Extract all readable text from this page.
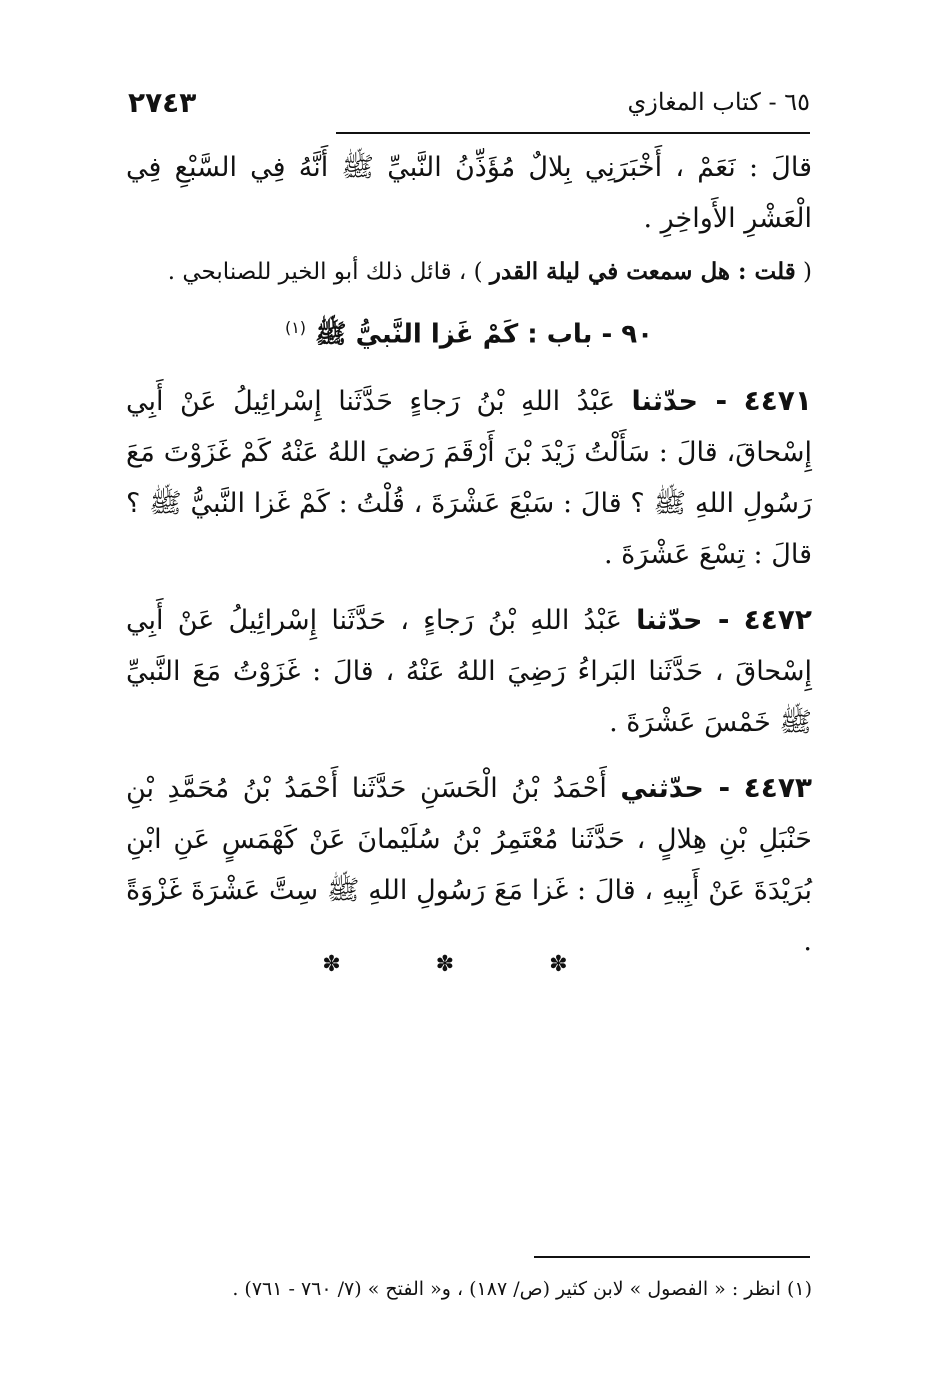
٢٧٤٣	٦٥ - كتاب المغازي

قالَ : نَعَمْ ، أَخْبَرَنِي بِلالٌ مُؤَذِّنُ النَّبيِّ ﷺ أَنَّهُ فِي السَّبْعِ فِي الْعَشْرِ الأَواخِرِ .

( قلت : هل سمعت في ليلة القدر ) ، قائل ذلك أبو الخير للصنابحي .

٩٠ - باب : كَمْ غَزا النَّبيُّ ﷺ $^{(١)}$

٤٤٧١ - حدّثنا عَبْدُ اللهِ بْنُ رَجاءٍ حَدَّثَنا إِسْرائِيلُ عَنْ أَبِي إِسْحاقَ، قالَ : سَأَلْتُ زَيْدَ بْنَ أَرْقَمَ رَضيَ اللهُ عَنْهُ كَمْ غَزَوْتَ مَعَ رَسُولِ اللهِ ﷺ ؟ قالَ : سَبْعَ عَشْرَةَ ، قُلْتُ : كَمْ غَزا النَّبيُّ ﷺ ؟ قالَ : تِسْعَ عَشْرَةَ .

٤٤٧٢ - حدّثنا عَبْدُ اللهِ بْنُ رَجاءٍ ، حَدَّثَنا إِسْرائِيلُ عَنْ أَبِي إِسْحاقَ ، حَدَّثَنا البَراءُ رَضِيَ اللهُ عَنْهُ ، قالَ : غَزَوْتُ مَعَ النَّبيِّ ﷺ خَمْسَ عَشْرَةَ .

٤٤٧٣ - حدّثني أَحْمَدُ بْنُ الْحَسَنِ حَدَّثَنا أَحْمَدُ بْنُ مُحَمَّدِ بْنِ حَنْبَلِ بْنِ هِلالٍ ، حَدَّثَنا مُعْتَمِرُ بْنُ سُلَيْمانَ عَنْ كَهْمَسٍ عَنِ ابْنِ بُرَيْدَةَ عَنْ أَبِيهِ ، قالَ : غَزا مَعَ رَسُولِ اللهِ ﷺ سِتَّ عَشْرَةَ غَزْوَةً .

✽ ✽ ✽
(١) انظر : « الفصول » لابن كثير (ص/ ١٨٧) ، و« الفتح » (٧/ ٧٦٠ - ٧٦١) .
